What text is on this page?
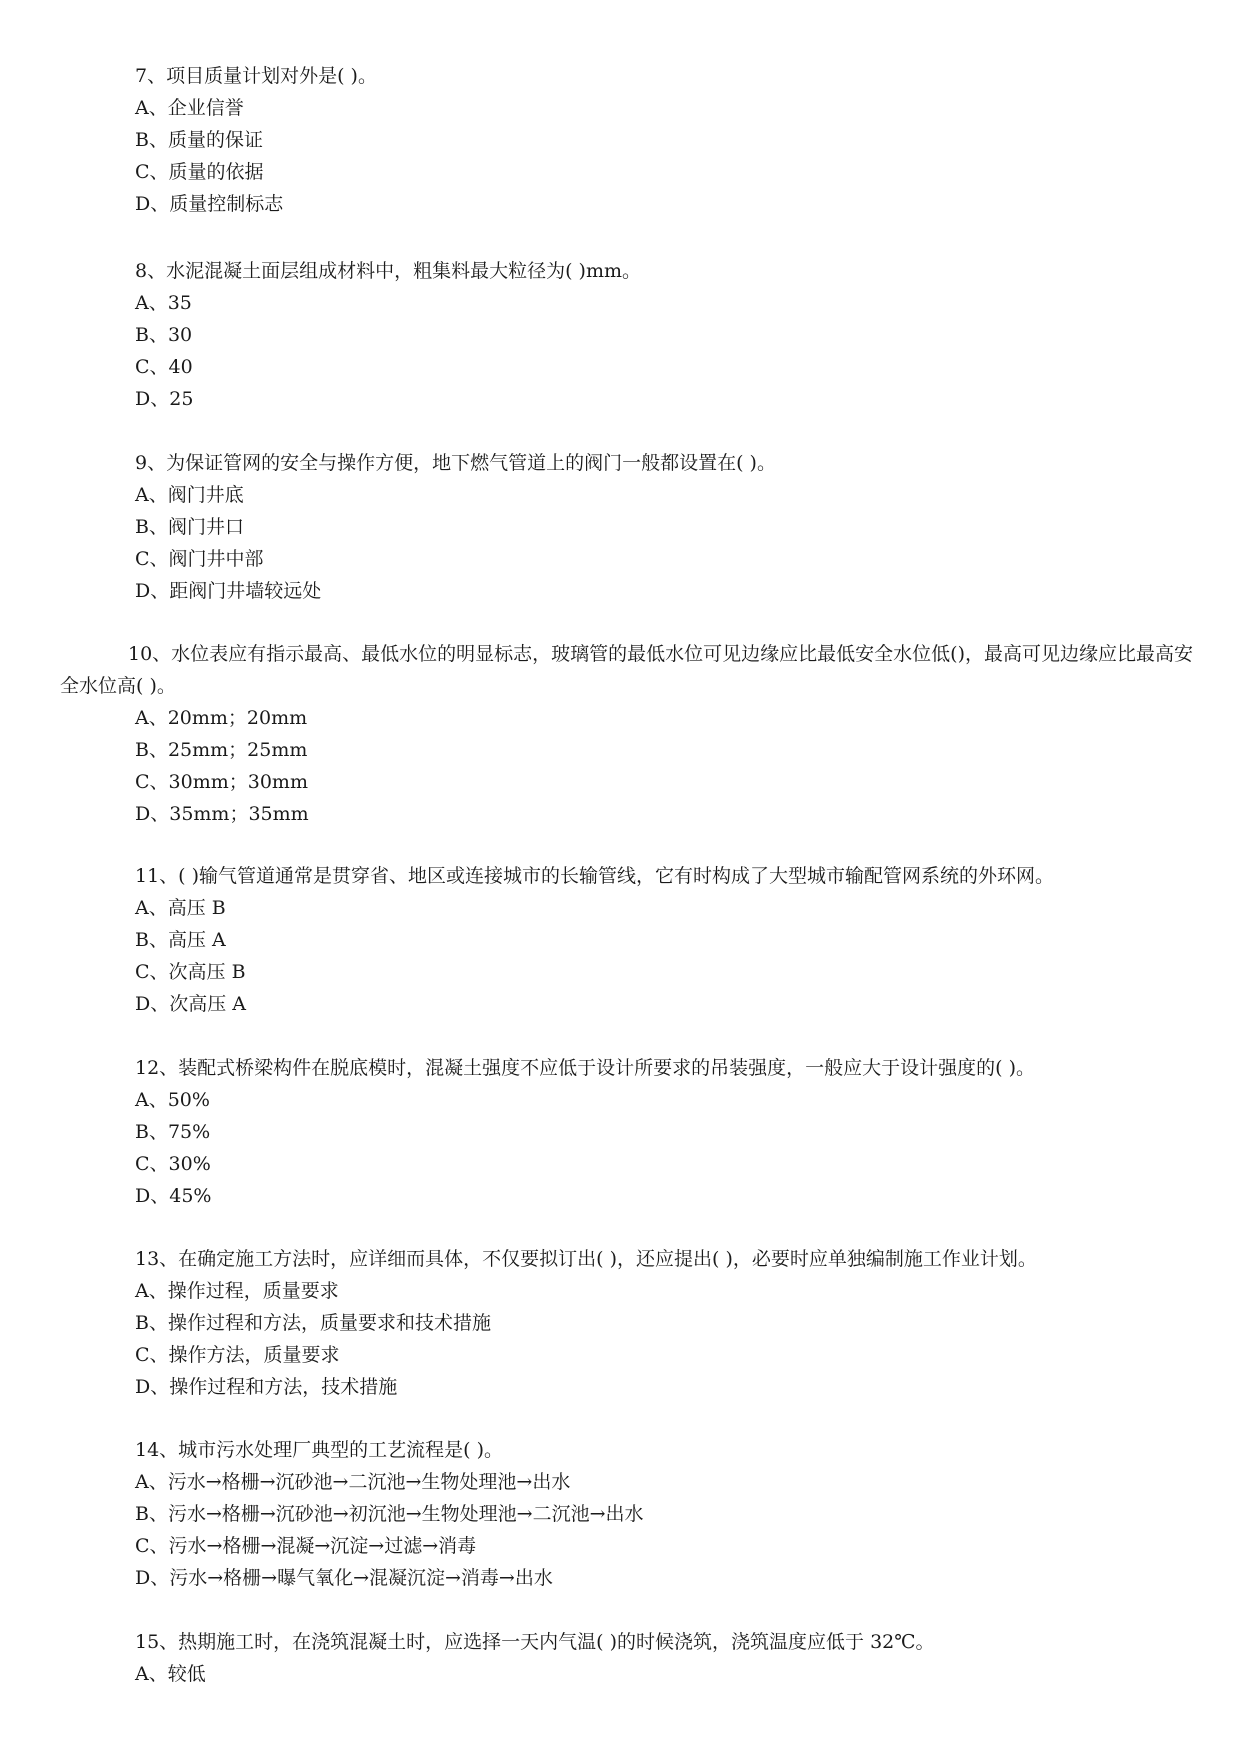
7、项目质量计划对外是( )。
A、企业信誉
B、质量的保证
C、质量的依据
D、质量控制标志
8、水泥混凝土面层组成材料中，粗集料最大粒径为( )mm。
A、35
B、30
C、40
D、25
9、为保证管网的安全与操作方便，地下燃气管道上的阀门一般都设置在( )。
A、阀门井底
B、阀门井口
C、阀门井中部
D、距阀门井墙较远处
10、水位表应有指示最高、最低水位的明显标志，玻璃管的最低水位可见边缘应比最低安全水位低()，最高可见边缘应比最高安全水位高( )。
A、20mm；20mm
B、25mm；25mm
C、30mm；30mm
D、35mm；35mm
11、( )输气管道通常是贯穿省、地区或连接城市的长输管线，它有时构成了大型城市输配管网系统的外环网。
A、高压 B
B、高压 A
C、次高压 B
D、次高压 A
12、装配式桥梁构件在脱底模时，混凝土强度不应低于设计所要求的吊装强度，一般应大于设计强度的( )。
A、50%
B、75%
C、30%
D、45%
13、在确定施工方法时，应详细而具体，不仅要拟订出( )，还应提出( )，必要时应单独编制施工作业计划。
A、操作过程，质量要求
B、操作过程和方法，质量要求和技术措施
C、操作方法，质量要求
D、操作过程和方法，技术措施
14、城市污水处理厂典型的工艺流程是( )。
A、污水→格栅→沉砂池→二沉池→生物处理池→出水
B、污水→格栅→沉砂池→初沉池→生物处理池→二沉池→出水
C、污水→格栅→混凝→沉淀→过滤→消毒
D、污水→格栅→曝气氧化→混凝沉淀→消毒→出水
15、热期施工时，在浇筑混凝土时，应选择一天内气温( )的时候浇筑，浇筑温度应低于 32℃。
A、较低
